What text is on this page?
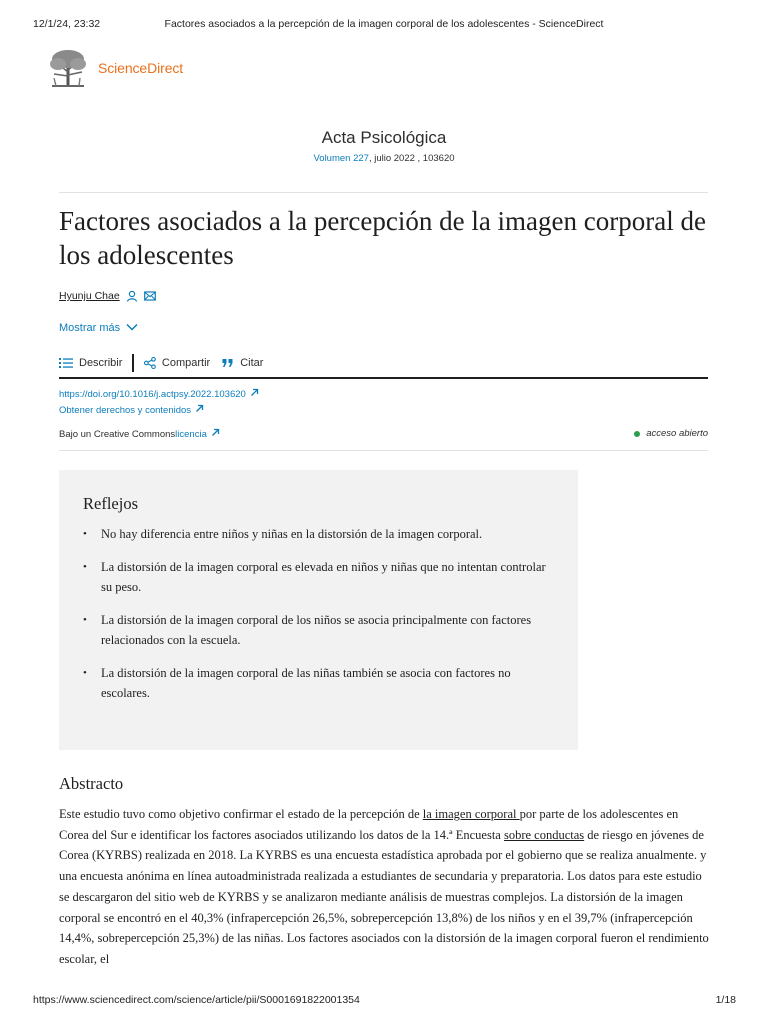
12/1/24, 23:32	Factores asociados a la percepción de la imagen corporal de los adolescentes - ScienceDirect
ScienceDirect
Acta Psicológica
Volumen 227, julio 2022 , 103620
Factores asociados a la percepción de la imagen corporal de los adolescentes
Hyunju Chae
Mostrar más
Describir	Compartir	Citar
https://doi.org/10.1016/j.actpsy.2022.103620
Obtener derechos y contenidos
Bajo un Creative Commons licencia	acceso abierto
Reflejos
• No hay diferencia entre niños y niñas en la distorsión de la imagen corporal.
• La distorsión de la imagen corporal es elevada en niños y niñas que no intentan controlar su peso.
• La distorsión de la imagen corporal de los niños se asocia principalmente con factores relacionados con la escuela.
• La distorsión de la imagen corporal de las niñas también se asocia con factores no escolares.
Abstracto

Este estudio tuvo como objetivo confirmar el estado de la percepción de la imagen corporal por parte de los adolescentes en Corea del Sur e identificar los factores asociados utilizando los datos de la 14.ª Encuesta sobre conductas de riesgo en jóvenes de Corea (KYRBS) realizada en 2018. La KYRBS es una encuesta estadística aprobada por el gobierno que se realiza anualmente. y una encuesta anónima en línea autoadministrada realizada a estudiantes de secundaria y preparatoria. Los datos para este estudio se descargaron del sitio web de KYRBS y se analizaron mediante análisis de muestras complejos. La distorsión de la imagen corporal se encontró en el 40,3% (infrapercepción 26,5%, sobrepercepción 13,8%) de los niños y en el 39,7% (infrapercepción 14,4%, sobrepercepción 25,3%) de las niñas. Los factores asociados con la distorsión de la imagen corporal fueron el rendimiento escolar, el

https://www.sciencedirect.com/science/article/pii/S0001691822001354	1/18
